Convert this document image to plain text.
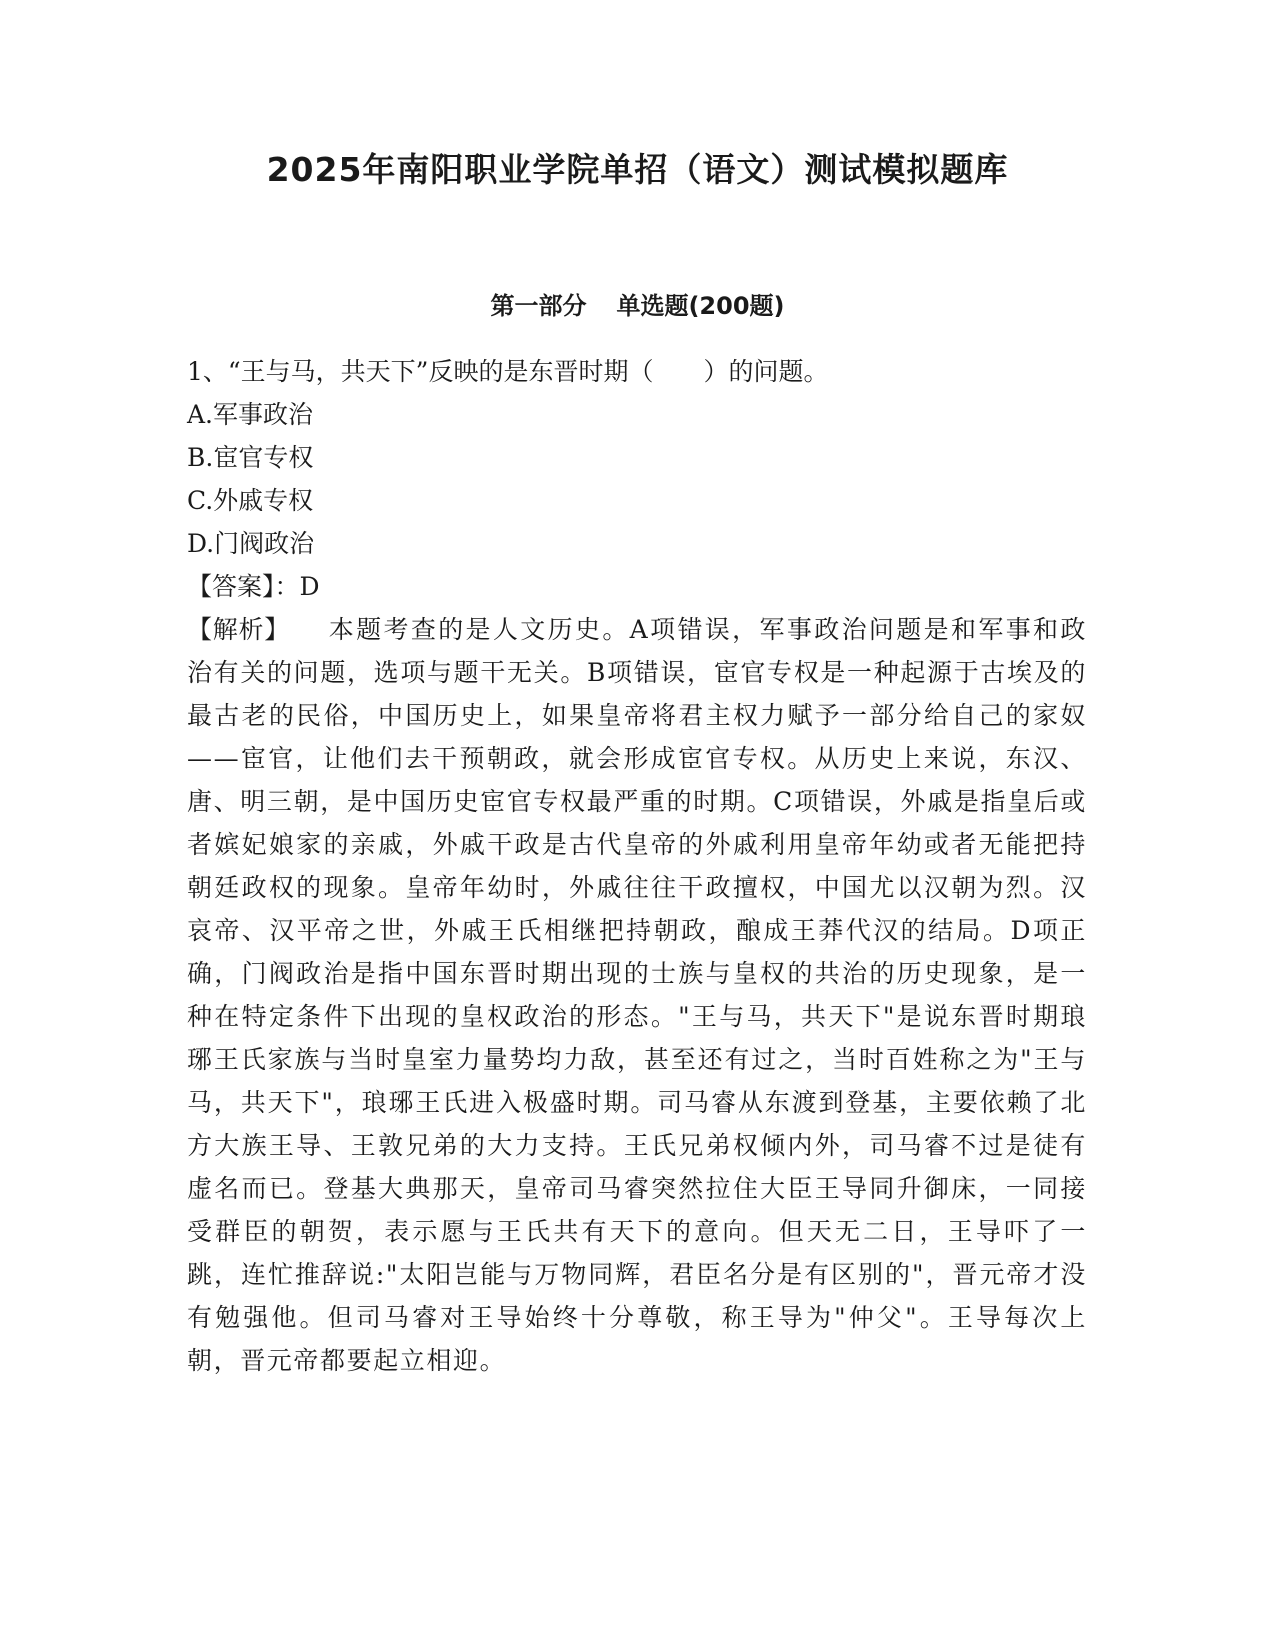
2025年南阳职业学院单招（语文）测试模拟题库
第一部分 单选题(200题)
1、“王与马，共天下”反映的是东晋时期（　　）的问题。
A.军事政治
B.宦官专权
C.外戚专权
D.门阀政治
【答案】：D
【解析】 本题考查的是人文历史。A项错误，军事政治问题是和军事和政治有关的问题，选项与题干无关。B项错误，宦官专权是一种起源于古埃及的最古老的民俗，中国历史上，如果皇帝将君主权力赋予一部分给自己的家奴——宦官，让他们去干预朝政，就会形成宦官专权。从历史上来说，东汉、唐、明三朝，是中国历史宦官专权最严重的时期。C项错误，外戚是指皇后或者嫔妃娘家的亲戚，外戚干政是古代皇帝的外戚利用皇帝年幼或者无能把持朝廷政权的现象。皇帝年幼时，外戚往往干政擅权，中国尤以汉朝为烈。汉哀帝、汉平帝之世，外戚王氏相继把持朝政，酿成王莽代汉的结局。D项正确，门阀政治是指中国东晋时期出现的士族与皇权的共治的历史现象，是一种在特定条件下出现的皇权政治的形态。"王与马，共天下"是说东晋时期琅琊王氏家族与当时皇室力量势均力敌，甚至还有过之，当时百姓称之为"王与马，共天下"，琅琊王氏进入极盛时期。司马睿从东渡到登基，主要依赖了北方大族王导、王敦兄弟的大力支持。王氏兄弟权倾内外，司马睿不过是徒有虚名而已。登基大典那天，皇帝司马睿突然拉住大臣王导同升御床，一同接受群臣的朝贺，表示愿与王氏共有天下的意向。但天无二日，王导吓了一跳，连忙推辞说:"太阳岂能与万物同辉，君臣名分是有区别的"，晋元帝才没有勉强他。但司马睿对王导始终十分尊敬，称王导为"仲父"。王导每次上朝，晋元帝都要起立相迎。
